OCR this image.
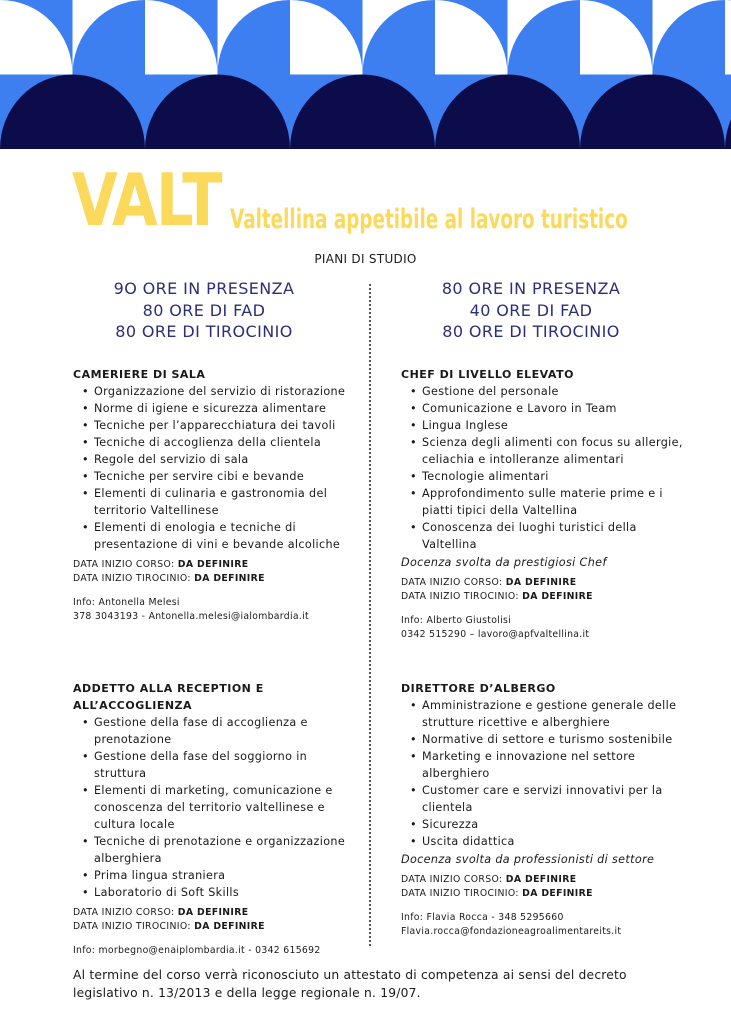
VALT Valtellina appetibile al lavoro turistico
PIANI DI STUDIO
9O ORE IN PRESENZA
80 ORE DI FAD
80 ORE DI TIROCINIO
CAMERIERE DI SALA
• Organizzazione del servizio di ristorazione
• Norme di igiene e sicurezza alimentare
• Tecniche per l’apparecchiatura dei tavoli
• Tecniche di accoglienza della clientela
• Regole del servizio di sala
• Tecniche per servire cibi e bevande
• Elementi di culinaria e gastronomia del territorio Valtellinese
• Elementi di enologia e tecniche di presentazione di vini e bevande alcoliche
DATA INIZIO CORSO: DA DEFINIRE
DATA INIZIO TIROCINIO: DA DEFINIRE
Info: Antonella Melesi
378 3043193 - Antonella.melesi@ialombardia.it
ADDETTO ALLA RECEPTION E
ALL’ACCOGLIENZA
• Gestione della fase di accoglienza e prenotazione
• Gestione della fase del soggiorno in struttura
• Elementi di marketing, comunicazione e conoscenza del territorio valtellinese e cultura locale
• Tecniche di prenotazione e organizzazione alberghiera
• Prima lingua straniera
• Laboratorio di Soft Skills
DATA INIZIO CORSO: DA DEFINIRE
DATA INIZIO TIROCINIO: DA DEFINIRE
Info: morbegno@enaiplombardia.it - 0342 615692
80 ORE IN PRESENZA
40 ORE DI FAD
80 ORE DI TIROCINIO
CHEF DI LIVELLO ELEVATO
• Gestione del personale
• Comunicazione e Lavoro in Team
• Lingua Inglese
• Scienza degli alimenti con focus su allergie, celiachia e intolleranze alimentari
• Tecnologie alimentari
• Approfondimento sulle materie prime e i piatti tipici della Valtellina
• Conoscenza dei luoghi turistici della Valtellina
Docenza svolta da prestigiosi Chef
DATA INIZIO CORSO: DA DEFINIRE
DATA INIZIO TIROCINIO: DA DEFINIRE
Info: Alberto Giustolisi
0342 515290 – lavoro@apfvaltellina.it
DIRETTORE D’ALBERGO
• Amministrazione e gestione generale delle strutture ricettive e alberghiere
• Normative di settore e turismo sostenibile
• Marketing e innovazione nel settore alberghiero
• Customer care e servizi innovativi per la clientela
• Sicurezza
• Uscita didattica
Docenza svolta da professionisti di settore
DATA INIZIO CORSO: DA DEFINIRE
DATA INIZIO TIROCINIO: DA DEFINIRE
Info: Flavia Rocca - 348 5295660
Flavia.rocca@fondazioneagroalimentareits.it
Al termine del corso verrà riconosciuto un attestato di competenza ai sensi del decreto legislativo n. 13/2013 e della legge regionale n. 19/07.
